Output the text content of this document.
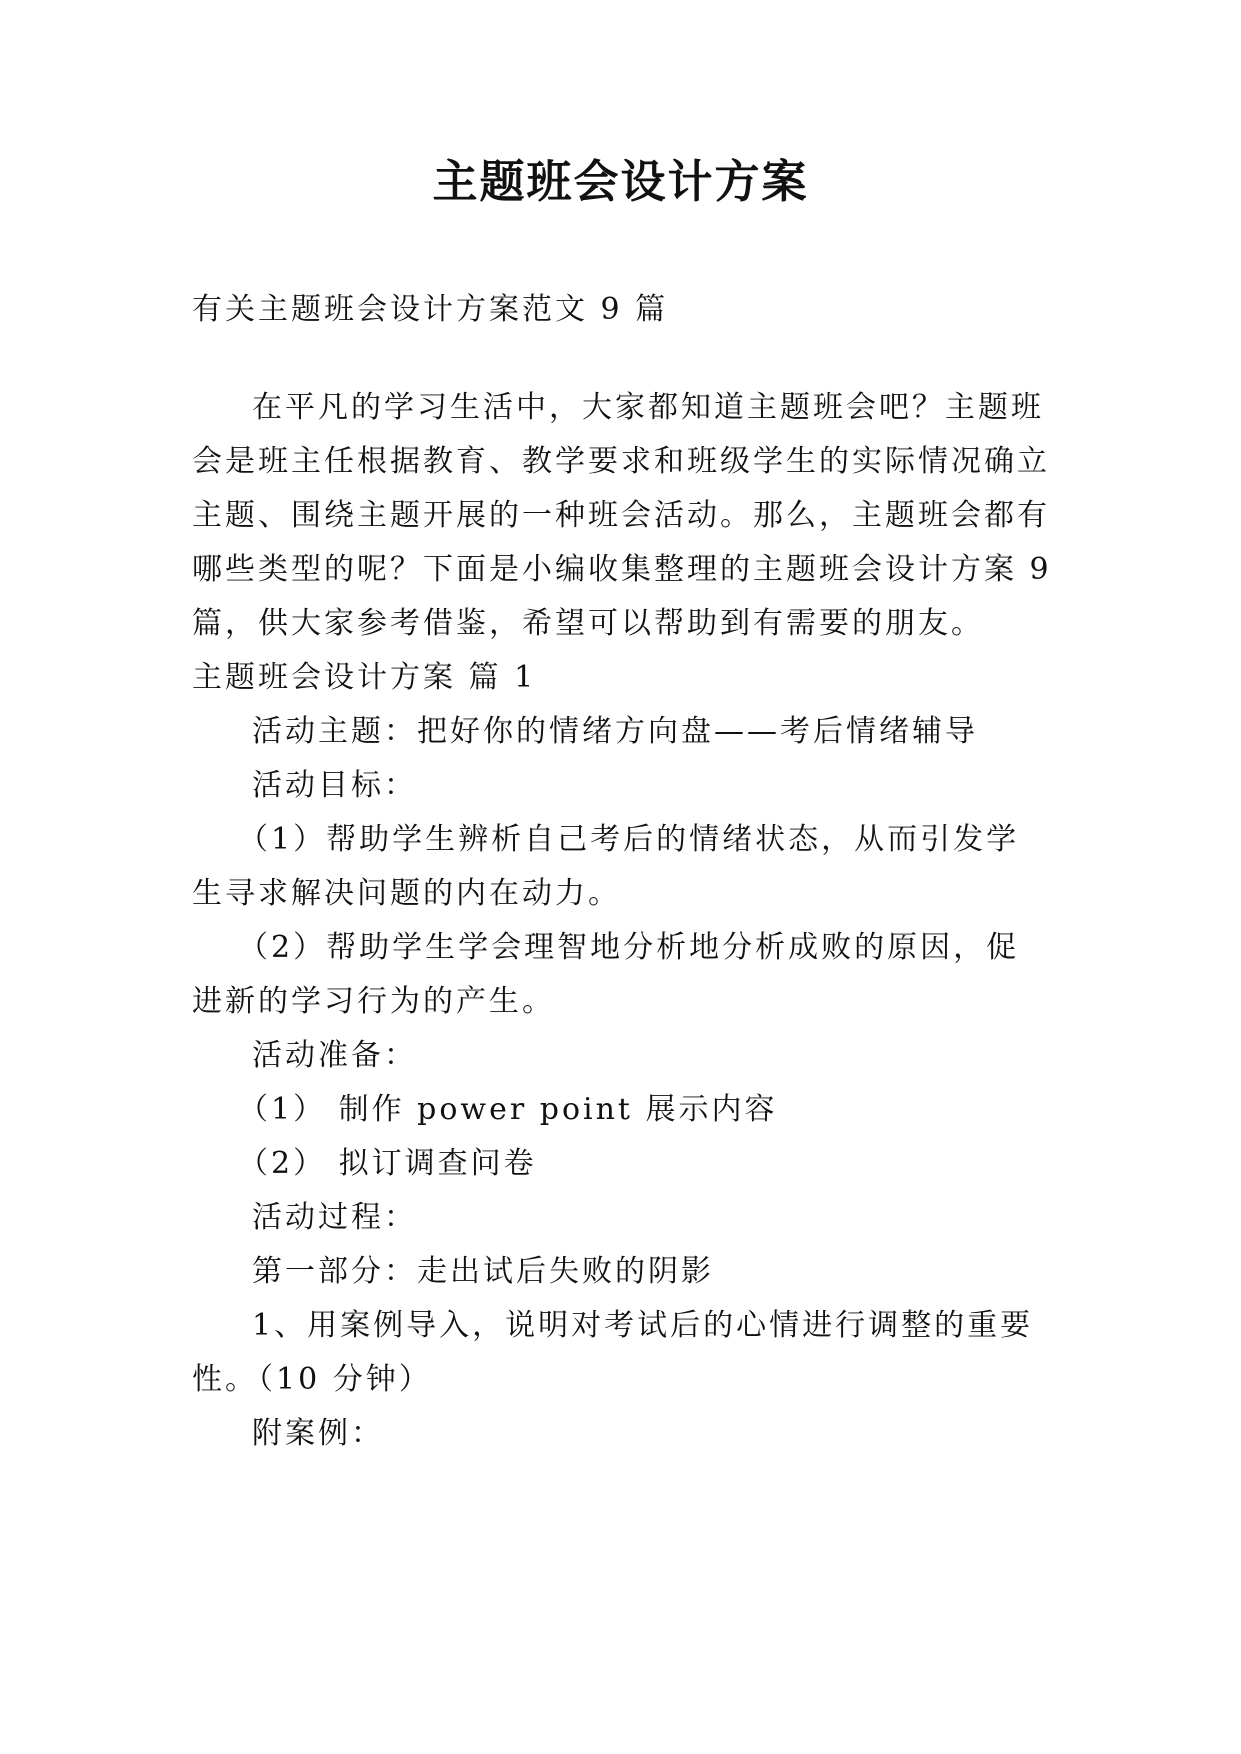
主题班会设计方案
有关主题班会设计方案范文 9 篇
在平凡的学习生活中，大家都知道主题班会吧？主题班
会是班主任根据教育、教学要求和班级学生的实际情况确立
主题、围绕主题开展的一种班会活动。那么，主题班会都有
哪些类型的呢？下面是小编收集整理的主题班会设计方案 9
篇，供大家参考借鉴，希望可以帮助到有需要的朋友。
主题班会设计方案 篇 1
活动主题：把好你的情绪方向盘——考后情绪辅导
活动目标：
（1）帮助学生辨析自己考后的情绪状态，从而引发学
生寻求解决问题的内在动力。
（2）帮助学生学会理智地分析地分析成败的原因，促
进新的学习行为的产生。
活动准备：
（1） 制作 power point 展示内容
（2） 拟订调查问卷
活动过程：
第一部分：走出试后失败的阴影
1、用案例导入，说明对考试后的心情进行调整的重要
性。（10 分钟）
附案例：
